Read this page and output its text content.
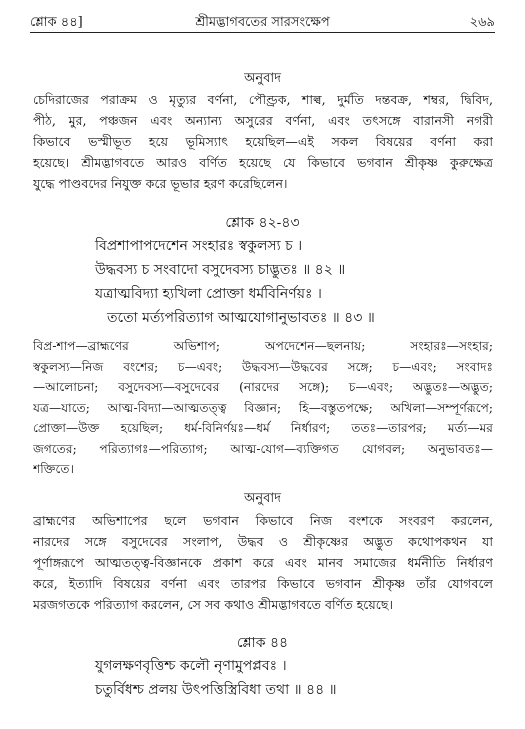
শ্লোক ৪৪]	শ্রীমদ্ভাগবতের সারসংক্ষেপ	২৬৯
অনুবাদ
চেদিরাজের পরাক্রম ও মৃত্যুর বর্ণনা, পৌণ্ড্রক, শাল্ব, দুর্মতি দন্তবক্র, শম্বর, দ্বিবিদ,
পীঠ, মুর, পঞ্চজন এবং অন্যান্য অসুরের বর্ণনা, এবং তৎসঙ্গে বারানসী নগরী
কিভাবে ভস্মীভূত হয়ে ভূমিস্যাৎ হয়েছিল—এই সকল বিষয়ের বর্ণনা করা
হয়েছে। শ্রীমদ্ভাগবতে আরও বর্ণিত হয়েছে যে কিভাবে ভগবান শ্রীকৃষ্ণ কুরুক্ষেত্র
যুদ্ধে পাণ্ডবদের নিযুক্ত করে ভূভার হরণ করেছিলেন।
শ্লোক ৪২-৪৩
বিপ্রশাপাপদেশেন সংহারঃ স্বকুলস্য চ ।
উদ্ধবস্য চ সংবাদো বসুদেবস্য চাদ্ভুতঃ ॥ ৪২ ॥
যত্রাত্মবিদ্যা হ্যখিলা প্রোক্তা ধর্মবিনির্ণয়ঃ ।
ততো মর্ত্যপরিত্যাগ আত্মযোগানুভাবতঃ ॥ ৪৩ ॥
বিপ্র-শাপ—ব্রাহ্মণের অভিশাপ; অপদেশেন—ছলনায়; সংহারঃ—সংহার;
স্বকুলস্য—নিজ বংশের; চ—এবং; উদ্ধবস্য—উদ্ধবের সঙ্গে; চ—এবং; সংবাদঃ
—আলোচনা; বসুদেবস্য—বসুদেবের (নারদের সঙ্গে); চ—এবং; অদ্ভুতঃ—অদ্ভুত;
যত্র—যাতে; আত্ম-বিদ্যা—আত্মতত্ত্ব বিজ্ঞান; হি—বস্তুতপক্ষে; অখিলা—সম্পূর্ণরূপে;
প্রোক্তা—উক্ত হয়েছিল; ধর্ম-বিনির্ণয়ঃ—ধর্ম নির্ধারণ; ততঃ—তারপর; মর্ত্য—মর
জগতের; পরিত্যাগঃ—পরিত্যাগ; আত্ম-যোগ—ব্যক্তিগত যোগবল; অনুভাবতঃ—
শক্তিতে।
অনুবাদ
ব্রাহ্মণের অভিশাপের ছলে ভগবান কিভাবে নিজ বংশকে সংবরণ করলেন,
নারদের সঙ্গে বসুদেবের সংলাপ, উদ্ধব ও শ্রীকৃষ্ণের অদ্ভুত কথোপকথন যা
পূর্ণাঙ্গরূপে আত্মতত্ত্ব-বিজ্ঞানকে প্রকাশ করে এবং মানব সমাজের ধর্মনীতি নির্ধারণ
করে, ইত্যাদি বিষয়ের বর্ণনা এবং তারপর কিভাবে ভগবান শ্রীকৃষ্ণ তাঁর যোগবলে
মরজগতকে পরিত্যাগ করলেন, সে সব কথাও শ্রীমদ্ভাগবতে বর্ণিত হয়েছে।
শ্লোক ৪৪
যুগলক্ষণবৃত্তিশ্চ কলৌ নৃণামুপপ্লবঃ ।
চতুর্বিধশ্চ প্রলয় উৎপত্তিস্ত্রিবিধা তথা ॥ ৪৪ ॥
